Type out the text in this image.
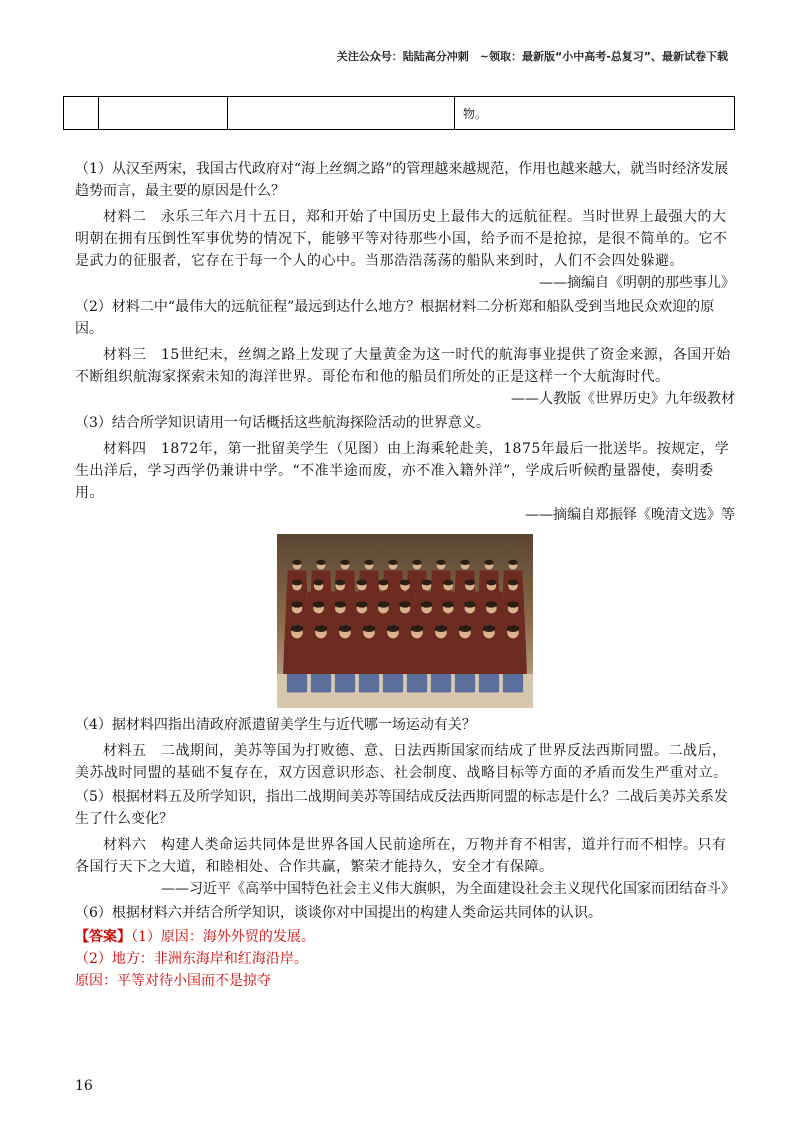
关注公众号：陆陆高分冲刺　~领取：最新版“小中高考-总复习”、最新试卷下载
			物。

（1）从汉至两宋，我国古代政府对“海上丝绸之路”的管理越来越规范，作用也越来越大，就当时经济发展趋势而言，最主要的原因是什么？

材料二　永乐三年六月十五日，郑和开始了中国历史上最伟大的远航征程。当时世界上最强大的大明朝在拥有压倒性军事优势的情况下，能够平等对待那些小国，给予而不是抢掠，是很不简单的。它不是武力的征服者，它存在于每一个人的心中。当那浩浩荡荡的船队来到时，人们不会四处躲避。

——摘编自《明朝的那些事儿》

（2）材料二中“最伟大的远航征程”最远到达什么地方？根据材料二分析郑和船队受到当地民众欢迎的原因。

材料三　15世纪末，丝绸之路上发现了大量黄金为这一时代的航海事业提供了资金来源，各国开始不断组织航海家探索未知的海洋世界。哥伦布和他的船员们所处的正是这样一个大航海时代。

——人教版《世界历史》九年级教材

（3）结合所学知识请用一句话概括这些航海探险活动的世界意义。

材料四　1872年，第一批留美学生（见图）由上海乘轮赴美，1875年最后一批送毕。按规定，学生出洋后，学习西学仍兼讲中学。“不准半途而废，亦不准入籍外洋”，学成后听候酌量器使，奏明委用。

——摘编自郑振铎《晚清文选》等

（4）据材料四指出清政府派遣留美学生与近代哪一场运动有关？

材料五　二战期间，美苏等国为打败德、意、日法西斯国家而结成了世界反法西斯同盟。二战后，美苏战时同盟的基础不复存在，双方因意识形态、社会制度、战略目标等方面的矛盾而发生严重对立。

（5）根据材料五及所学知识，指出二战期间美苏等国结成反法西斯同盟的标志是什么？二战后美苏关系发生了什么变化？

材料六　构建人类命运共同体是世界各国人民前途所在，万物并育不相害，道并行而不相悖。只有各国行天下之大道，和睦相处、合作共赢，繁荣才能持久，安全才有保障。

——习近平《高举中国特色社会主义伟大旗帜，为全面建设社会主义现代化国家而团结奋斗》

（6）根据材料六并结合所学知识，谈谈你对中国提出的构建人类命运共同体的认识。

【答案】（1）原因：海外外贸的发展。

（2）地方：非洲东海岸和红海沿岸。

原因：平等对待小国而不是掠夺

16
